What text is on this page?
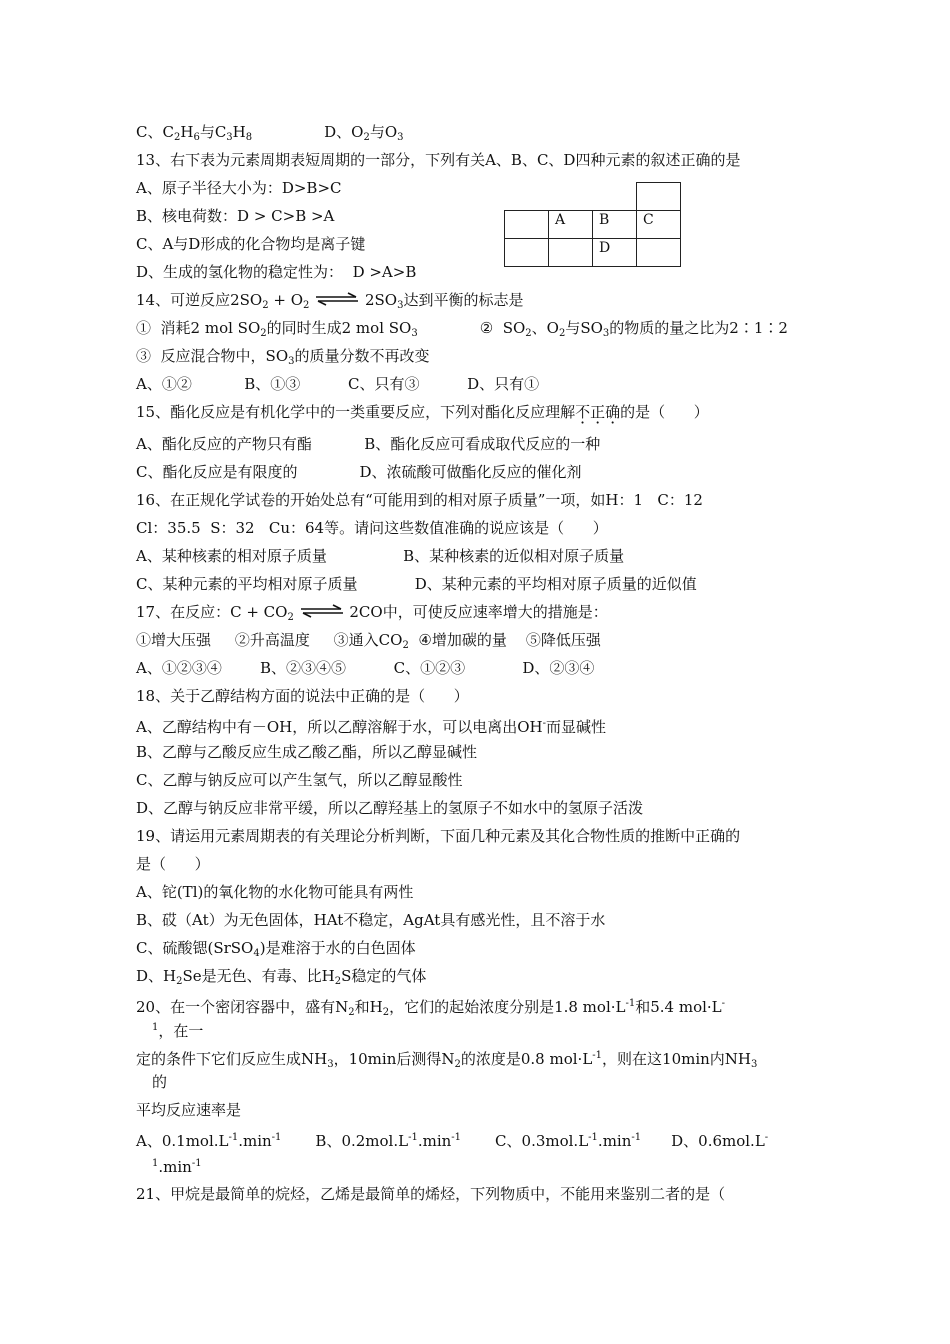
C、$C_2H_6$与$C_3H_8$	D、$O_2$与$O_3$
13、右下表为元素周期表短周期的一部分，下列有关A、B、C、D四种元素的叙述正确的是
A、原子半径大小为：D>B>C
B、核电荷数：D > C>B >A
C、A与D形成的化合物均是离子键
D、生成的氢化物的稳定性为：  D >A>B

	A	B	C
		D	
14、可逆反应$2SO_2 + O_2$ ⇌ $2SO_3$达到平衡的标志是
①  消耗2 mol $SO_2$的同时生成2 mol $SO_3$	②  $SO_2$、$O_2$与$SO_3$的物质的量之比为2∶1∶2
③  反应混合物中，$SO_3$的质量分数不再改变
A、①②           B、①③          C、只有③          D、只有①
15、酯化反应是有机化学中的一类重要反应，下列对酯化反应理解不正确的是（      ）
A、酯化反应的产物只有酯           B、酯化反应可看成取代反应的一种
C、酯化反应是有限度的             D、浓硫酸可做酯化反应的催化剂
16、在正规化学试卷的开始处总有“可能用到的相对原子质量”一项，如H：1   C：12
Cl：35.5  S：32   Cu：64等。请问这些数值准确的说应该是（      ）
A、某种核素的相对原子质量                B、某种核素的近似相对原子质量
C、某种元素的平均相对原子质量            D、某种元素的平均相对原子质量的近似值
17、在反应：$C + CO_2$ ⇌ 2CO中，可使反应速率增大的措施是：
①增大压强     ②升高温度     ③通入$CO_2$  ④增加碳的量    ⑤降低压强
A、①②③④        B、②③④⑤          C、①②③            D、②③④
18、关于乙醇结构方面的说法中正确的是（      ）
A、乙醇结构中有－OH，所以乙醇溶解于水，可以电离出OH-而显碱性
B、乙醇与乙酸反应生成乙酸乙酯，所以乙醇显碱性
C、乙醇与钠反应可以产生氢气，所以乙醇显酸性
D、乙醇与钠反应非常平缓，所以乙醇羟基上的氢原子不如水中的氢原子活泼
19、请运用元素周期表的有关理论分析判断，下面几种元素及其化合物性质的推断中正确的
是（      ）
A、铊(Tl)的氧化物的水化物可能具有两性
B、砹（At）为无色固体，HAt不稳定，AgAt具有感光性，且不溶于水
C、硫酸锶(SrSO$_4$)是难溶于水的白色固体
D、$H_2Se$是无色、有毒、比$H_2S$稳定的气体
20、在一个密闭容器中，盛有$N_2$和$H_2$，它们的起始浓度分别是1.8 $mol\cdot L^{-1}$和5.4 mol·L-
$^1$，在一
定的条件下它们反应生成$NH_3$，10min后测得$N_2$的浓度是0.8 $mol\cdot L^{-1}$，则在这10min内$NH_3$
的
平均反应速率是
A、$0.1mol.L^{-1}.\min^{-1}$ B、$0.2mol.L^{-1}.\min^{-1}$ C、$0.3mol.L^{-1}.\min^{-1}$ D、0.6mol.L-
$^1.\min^{-1}$
21、甲烷是最简单的烷烃，乙烯是最简单的烯烃，下列物质中，不能用来鉴别二者的是（
